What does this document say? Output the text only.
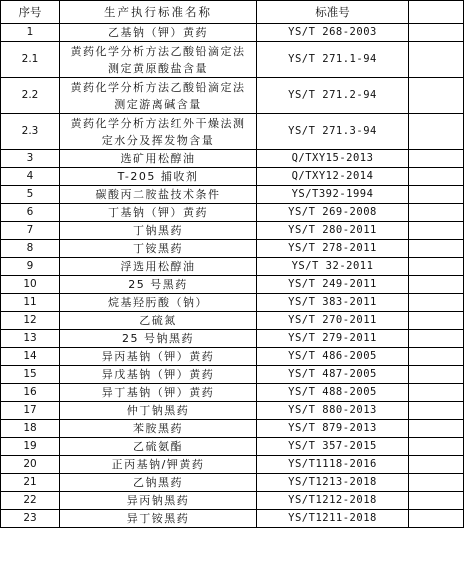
序号	生产执行标准名称	标准号	
1	乙基钠（钾）黄药	YS/T 268-2003	
2.1	黄药化学分析方法乙酸铅滴定法测定黄原酸盐含量	YS/T 271.1-94	
2.2	黄药化学分析方法乙酸铅滴定法测定游离碱含量	YS/T 271.2-94	
2.3	黄药化学分析方法红外干燥法测定水分及挥发物含量	YS/T 271.3-94	
3	选矿用松醇油	Q/TXY15-2013	
4	T-205 捕收剂	Q/TXY12-2014	
5	碳酸丙二胺盐技术条件	YS/T392-1994	
6	丁基钠（钾）黄药	YS/T 269-2008	
7	丁钠黑药	YS/T 280-2011	
8	丁铵黑药	YS/T 278-2011	
9	浮选用松醇油	YS/T 32-2011	
10	25 号黑药	YS/T 249-2011	
11	烷基羟肟酸（钠）	YS/T 383-2011	
12	乙硫氮	YS/T 270-2011	
13	25 号钠黑药	YS/T 279-2011	
14	异丙基钠（钾）黄药	YS/T 486-2005	
15	异戊基钠（钾）黄药	YS/T 487-2005	
16	异丁基钠（钾）黄药	YS/T 488-2005	
17	仲丁钠黑药	YS/T 880-2013	
18	苯胺黑药	YS/T 879-2013	
19	乙硫氨酯	YS/T 357-2015	
20	正丙基钠/钾黄药	YS/T1118-2016	
21	乙钠黑药	YS/T1213-2018	
22	异丙钠黑药	YS/T1212-2018	
23	异丁铵黑药	YS/T1211-2018	
